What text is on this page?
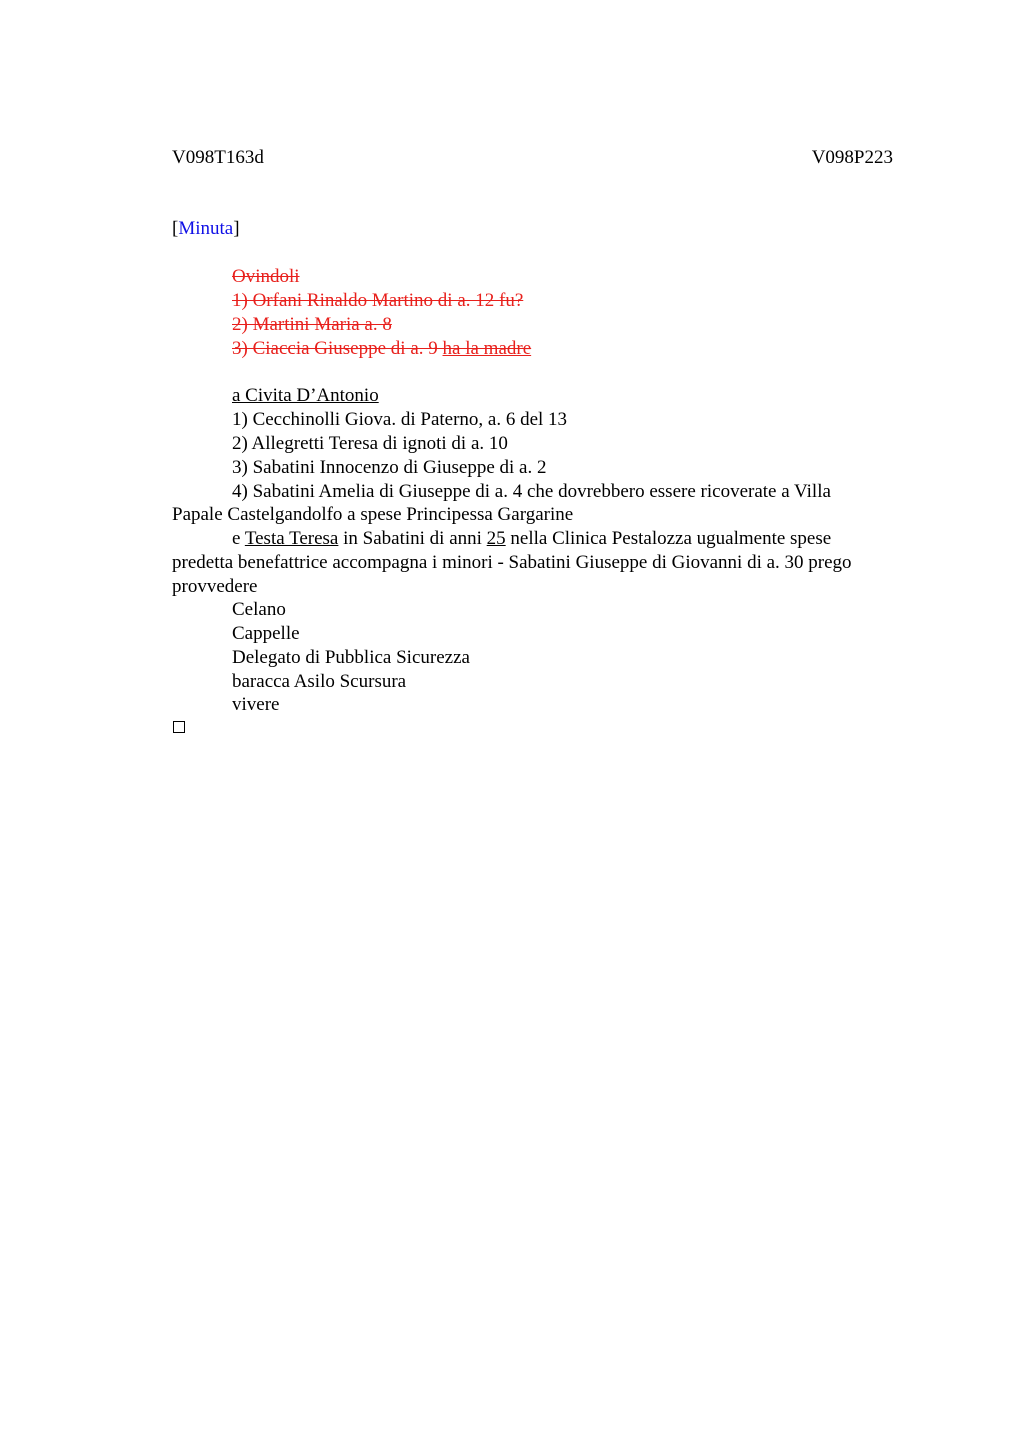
V098T163d	V098P223
[Minuta]
Ovindoli
1) Orfani Rinaldo Martino di a. 12 fu?
2) Martini Maria a. 8
3) Ciaccia Giuseppe di a. 9 ha la madre
a Civita D’Antonio
1) Cecchinolli Giova. di Paterno, a. 6 del 13
2) Allegretti Teresa di ignoti di a. 10
3) Sabatini Innocenzo di Giuseppe di a. 2
4) Sabatini Amelia di Giuseppe di a. 4 che dovrebbero essere ricoverate a Villa
Papale Castelgandolfo a spese Principessa Gargarine
e Testa Teresa in Sabatini di anni 25 nella Clinica Pestalozza ugualmente spese
predetta benefattrice accompagna i minori - Sabatini Giuseppe di Giovanni di a. 30 prego
provvedere
Celano
Cappelle
Delegato di Pubblica Sicurezza
baracca Asilo Scursura
vivere
